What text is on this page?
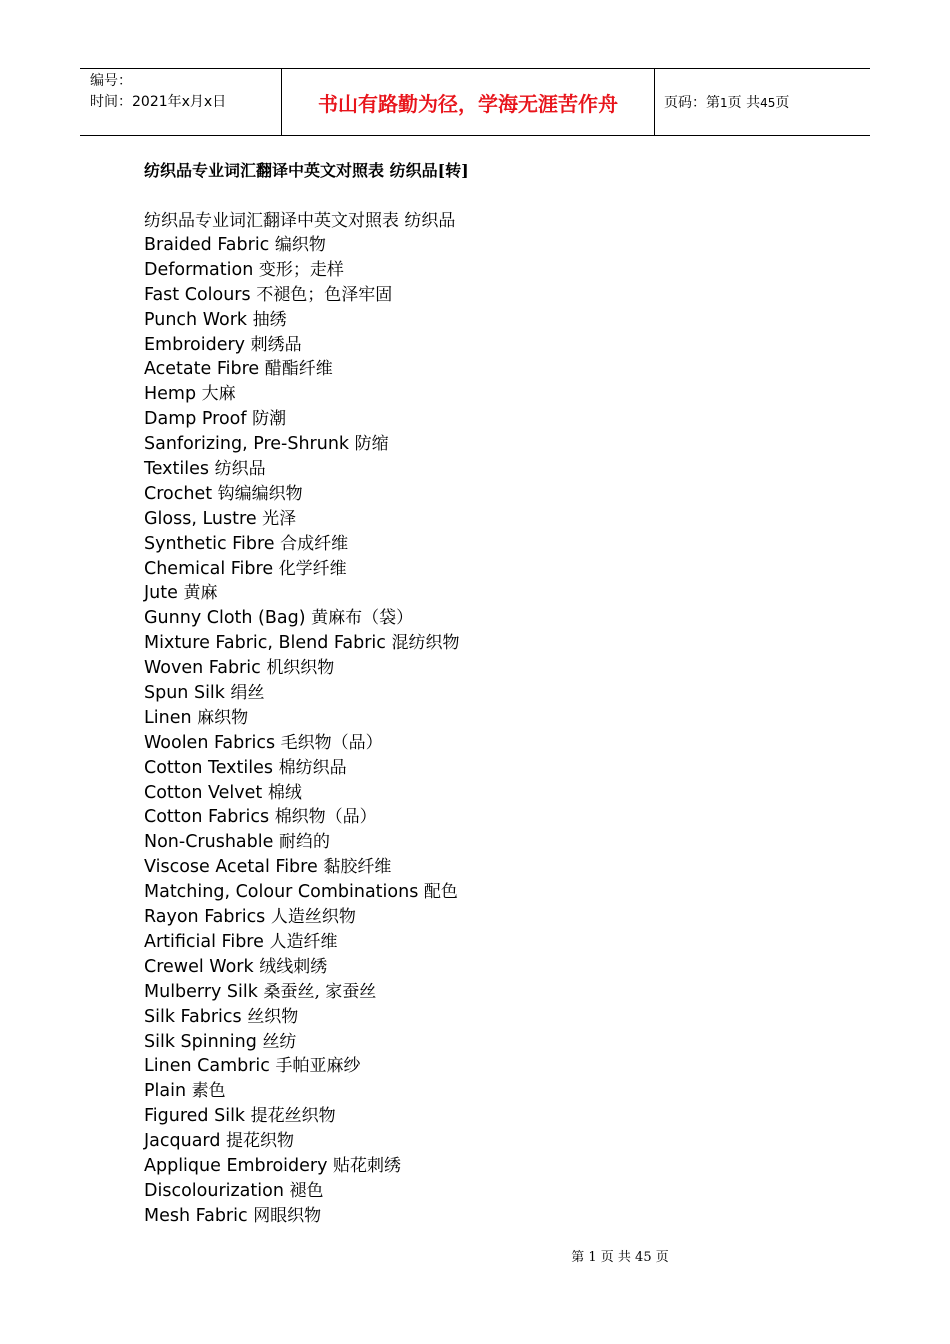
编号：
时间：2021年x月x日	书山有路勤为径，学海无涯苦作舟	页码：第1页 共45页
纺织品专业词汇翻译中英文对照表 纺织品[转]
纺织品专业词汇翻译中英文对照表 纺织品
Braided Fabric 编织物
Deformation 变形；走样
Fast Colours 不褪色；色泽牢固
Punch Work 抽绣
Embroidery 刺绣品
Acetate Fibre 醋酯纤维
Hemp 大麻
Damp Proof 防潮
Sanforizing, Pre-Shrunk 防缩
Textiles 纺织品
Crochet 钩编编织物
Gloss, Lustre 光泽
Synthetic Fibre 合成纤维
Chemical Fibre 化学纤维
Jute 黄麻
Gunny Cloth (Bag) 黄麻布（袋）
Mixture Fabric, Blend Fabric 混纺织物
Woven Fabric 机织织物
Spun Silk 绢丝
Linen 麻织物
Woolen Fabrics 毛织物（品）
Cotton Textiles 棉纺织品
Cotton Velvet 棉绒
Cotton Fabrics 棉织物（品）
Non-Crushable 耐绉的
Viscose Acetal Fibre 黏胶纤维
Matching, Colour Combinations 配色
Rayon Fabrics 人造丝织物
Artificial Fibre 人造纤维
Crewel Work 绒线刺绣
Mulberry Silk 桑蚕丝, 家蚕丝
Silk Fabrics 丝织物
Silk Spinning 丝纺
Linen Cambric 手帕亚麻纱
Plain 素色
Figured Silk 提花丝织物
Jacquard 提花织物
Applique Embroidery 贴花刺绣
Discolourization 褪色
Mesh Fabric 网眼织物
第 1 页 共 45 页
